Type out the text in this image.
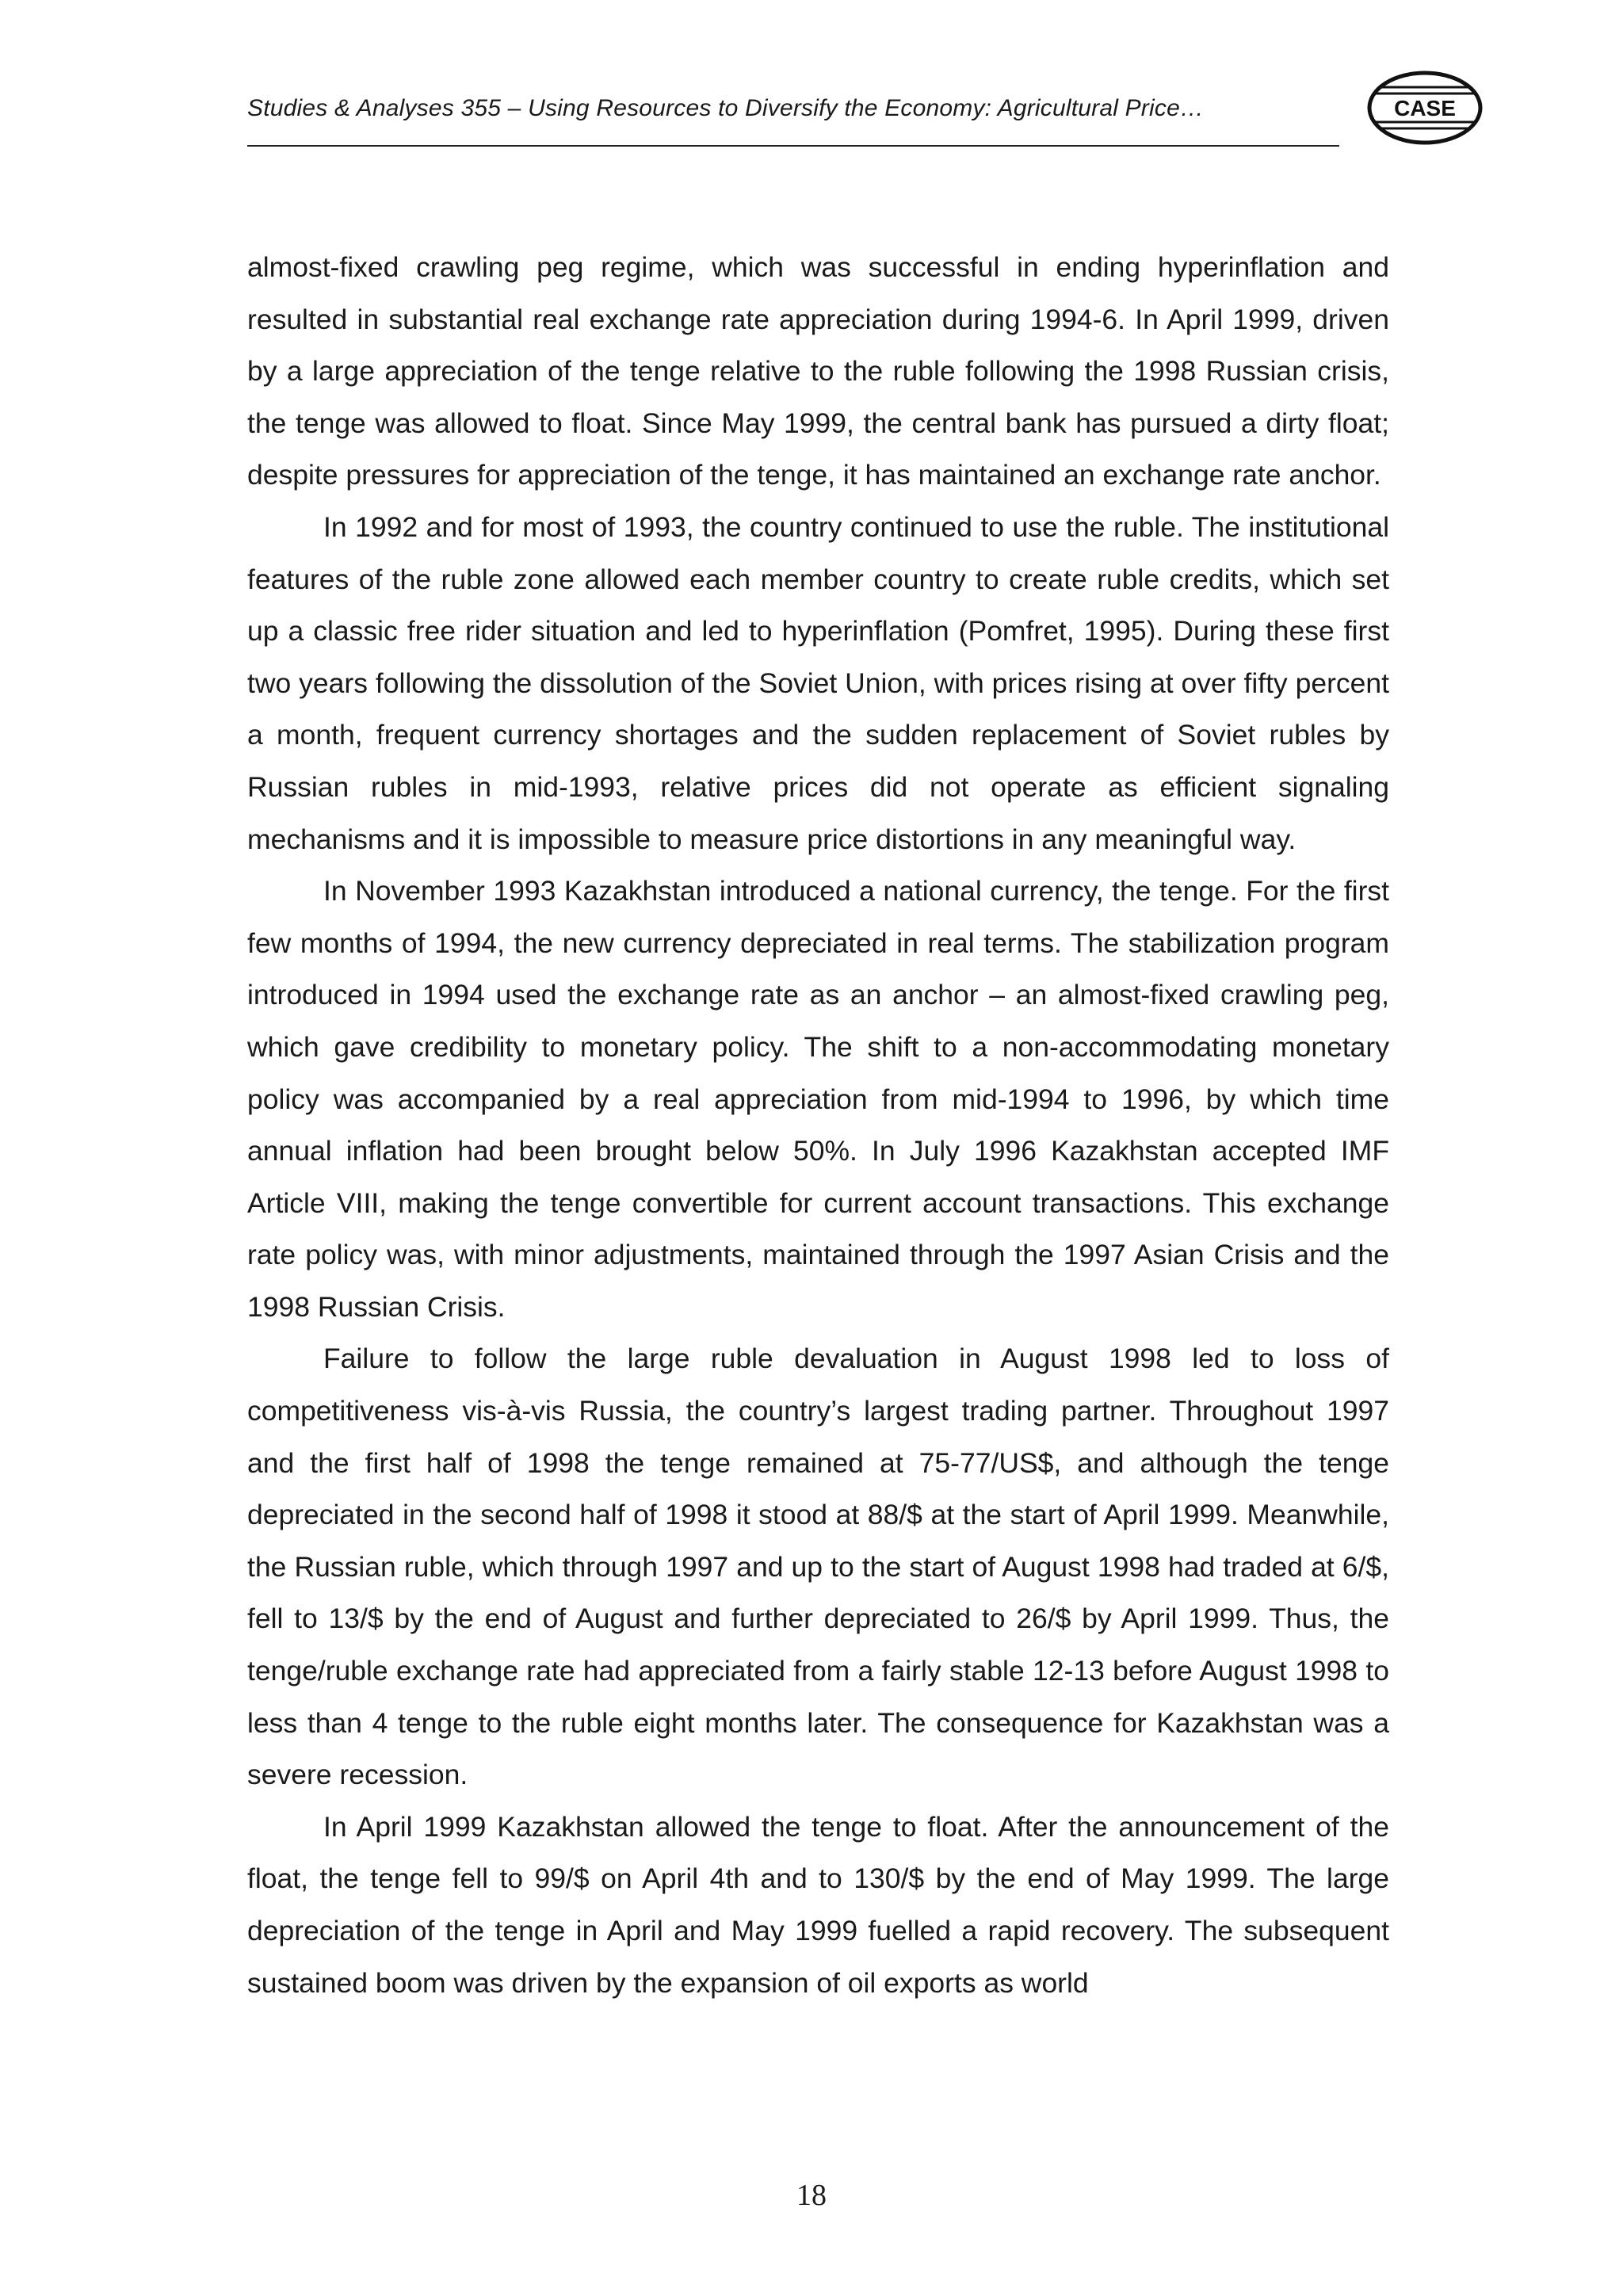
Studies & Analyses 355 – Using Resources to Diversify the Economy: Agricultural Price…	CASE

almost-fixed crawling peg regime, which was successful in ending hyperinflation and resulted in substantial real exchange rate appreciation during 1994-6. In April 1999, driven by a large appreciation of the tenge relative to the ruble following the 1998 Russian crisis, the tenge was allowed to float. Since May 1999, the central bank has pursued a dirty float; despite pressures for appreciation of the tenge, it has maintained an exchange rate anchor.

In 1992 and for most of 1993, the country continued to use the ruble. The institutional features of the ruble zone allowed each member country to create ruble credits, which set up a classic free rider situation and led to hyperinflation (Pomfret, 1995). During these first two years following the dissolution of the Soviet Union, with prices rising at over fifty percent a month, frequent currency shortages and the sudden replacement of Soviet rubles by Russian rubles in mid-1993, relative prices did not operate as efficient signaling mechanisms and it is impossible to measure price distortions in any meaningful way.

In November 1993 Kazakhstan introduced a national currency, the tenge. For the first few months of 1994, the new currency depreciated in real terms. The stabilization program introduced in 1994 used the exchange rate as an anchor – an almost-fixed crawling peg, which gave credibility to monetary policy. The shift to a non-accommodating monetary policy was accompanied by a real appreciation from mid-1994 to 1996, by which time annual inflation had been brought below 50%. In July 1996 Kazakhstan accepted IMF Article VIII, making the tenge convertible for current account transactions. This exchange rate policy was, with minor adjustments, maintained through the 1997 Asian Crisis and the 1998 Russian Crisis.

Failure to follow the large ruble devaluation in August 1998 led to loss of competitiveness vis-à-vis Russia, the country’s largest trading partner. Throughout 1997 and the first half of 1998 the tenge remained at 75-77/US$, and although the tenge depreciated in the second half of 1998 it stood at 88/$ at the start of April 1999. Meanwhile, the Russian ruble, which through 1997 and up to the start of August 1998 had traded at 6/$, fell to 13/$ by the end of August and further depreciated to 26/$ by April 1999. Thus, the tenge/ruble exchange rate had appreciated from a fairly stable 12-13 before August 1998 to less than 4 tenge to the ruble eight months later. The consequence for Kazakhstan was a severe recession.

In April 1999 Kazakhstan allowed the tenge to float. After the announcement of the float, the tenge fell to 99/$ on April 4th and to 130/$ by the end of May 1999. The large depreciation of the tenge in April and May 1999 fuelled a rapid recovery. The subsequent sustained boom was driven by the expansion of oil exports as world

18
